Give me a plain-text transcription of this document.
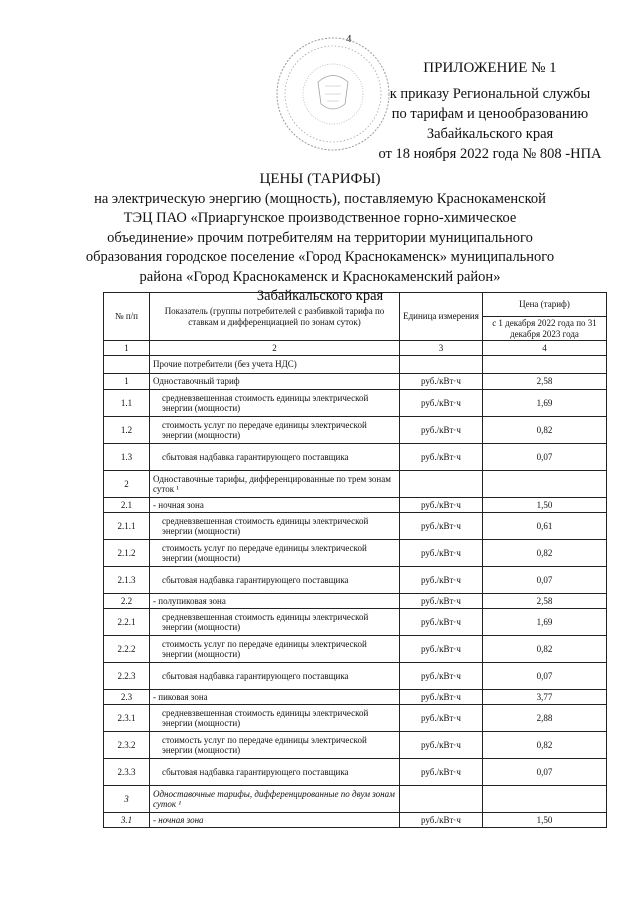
4
ПРИЛОЖЕНИЕ № 1
к приказу Региональной службы
по тарифам и ценообразованию
Забайкальского края
от 18 ноября 2022 года № 808 -НПА
ЦЕНЫ (ТАРИФЫ)
на электрическую энергию (мощность), поставляемую Краснокаменской
ТЭЦ ПАО «Приаргунское производственное горно-химическое
объединение» прочим потребителям на территории муниципального
образования городское поселение «Город Краснокаменск» муниципального
района «Город Краснокаменск и Краснокаменский район»
Забайкальского края
№ п/п	Показатель (группы потребителей с разбивкой тарифа по ставкам и дифференциацией по зонам суток)	Единица измерения	Цена (тариф)
			с 1 декабря 2022 года по 31 декабря 2023 года
1	2	3	4
	Прочие потребители (без учета НДС)		
1	Одноставочный тариф	руб./кВт·ч	2,58
1.1	средневзвешенная стоимость единицы электрической энергии (мощности)	руб./кВт·ч	1,69
1.2	стоимость услуг по передаче единицы электрической энергии (мощности)	руб./кВт·ч	0,82
1.3	сбытовая надбавка гарантирующего поставщика	руб./кВт·ч	0,07
2	Одноставочные тарифы, дифференцированные по трем зонам суток ¹		
2.1	- ночная зона	руб./кВт·ч	1,50
2.1.1	средневзвешенная стоимость единицы электрической энергии (мощности)	руб./кВт·ч	0,61
2.1.2	стоимость услуг по передаче единицы электрической энергии (мощности)	руб./кВт·ч	0,82
2.1.3	сбытовая надбавка гарантирующего поставщика	руб./кВт·ч	0,07
2.2	- полупиковая зона	руб./кВт·ч	2,58
2.2.1	средневзвешенная стоимость единицы электрической энергии (мощности)	руб./кВт·ч	1,69
2.2.2	стоимость услуг по передаче единицы электрической энергии (мощности)	руб./кВт·ч	0,82
2.2.3	сбытовая надбавка гарантирующего поставщика	руб./кВт·ч	0,07
2.3	- пиковая зона	руб./кВт·ч	3,77
2.3.1	средневзвешенная стоимость единицы электрической энергии (мощности)	руб./кВт·ч	2,88
2.3.2	стоимость услуг по передаче единицы электрической энергии (мощности)	руб./кВт·ч	0,82
2.3.3	сбытовая надбавка гарантирующего поставщика	руб./кВт·ч	0,07
3	Одноставочные тарифы, дифференцированные по двум зонам суток ¹		
3.1	- ночная зона	руб./кВт·ч	1,50
